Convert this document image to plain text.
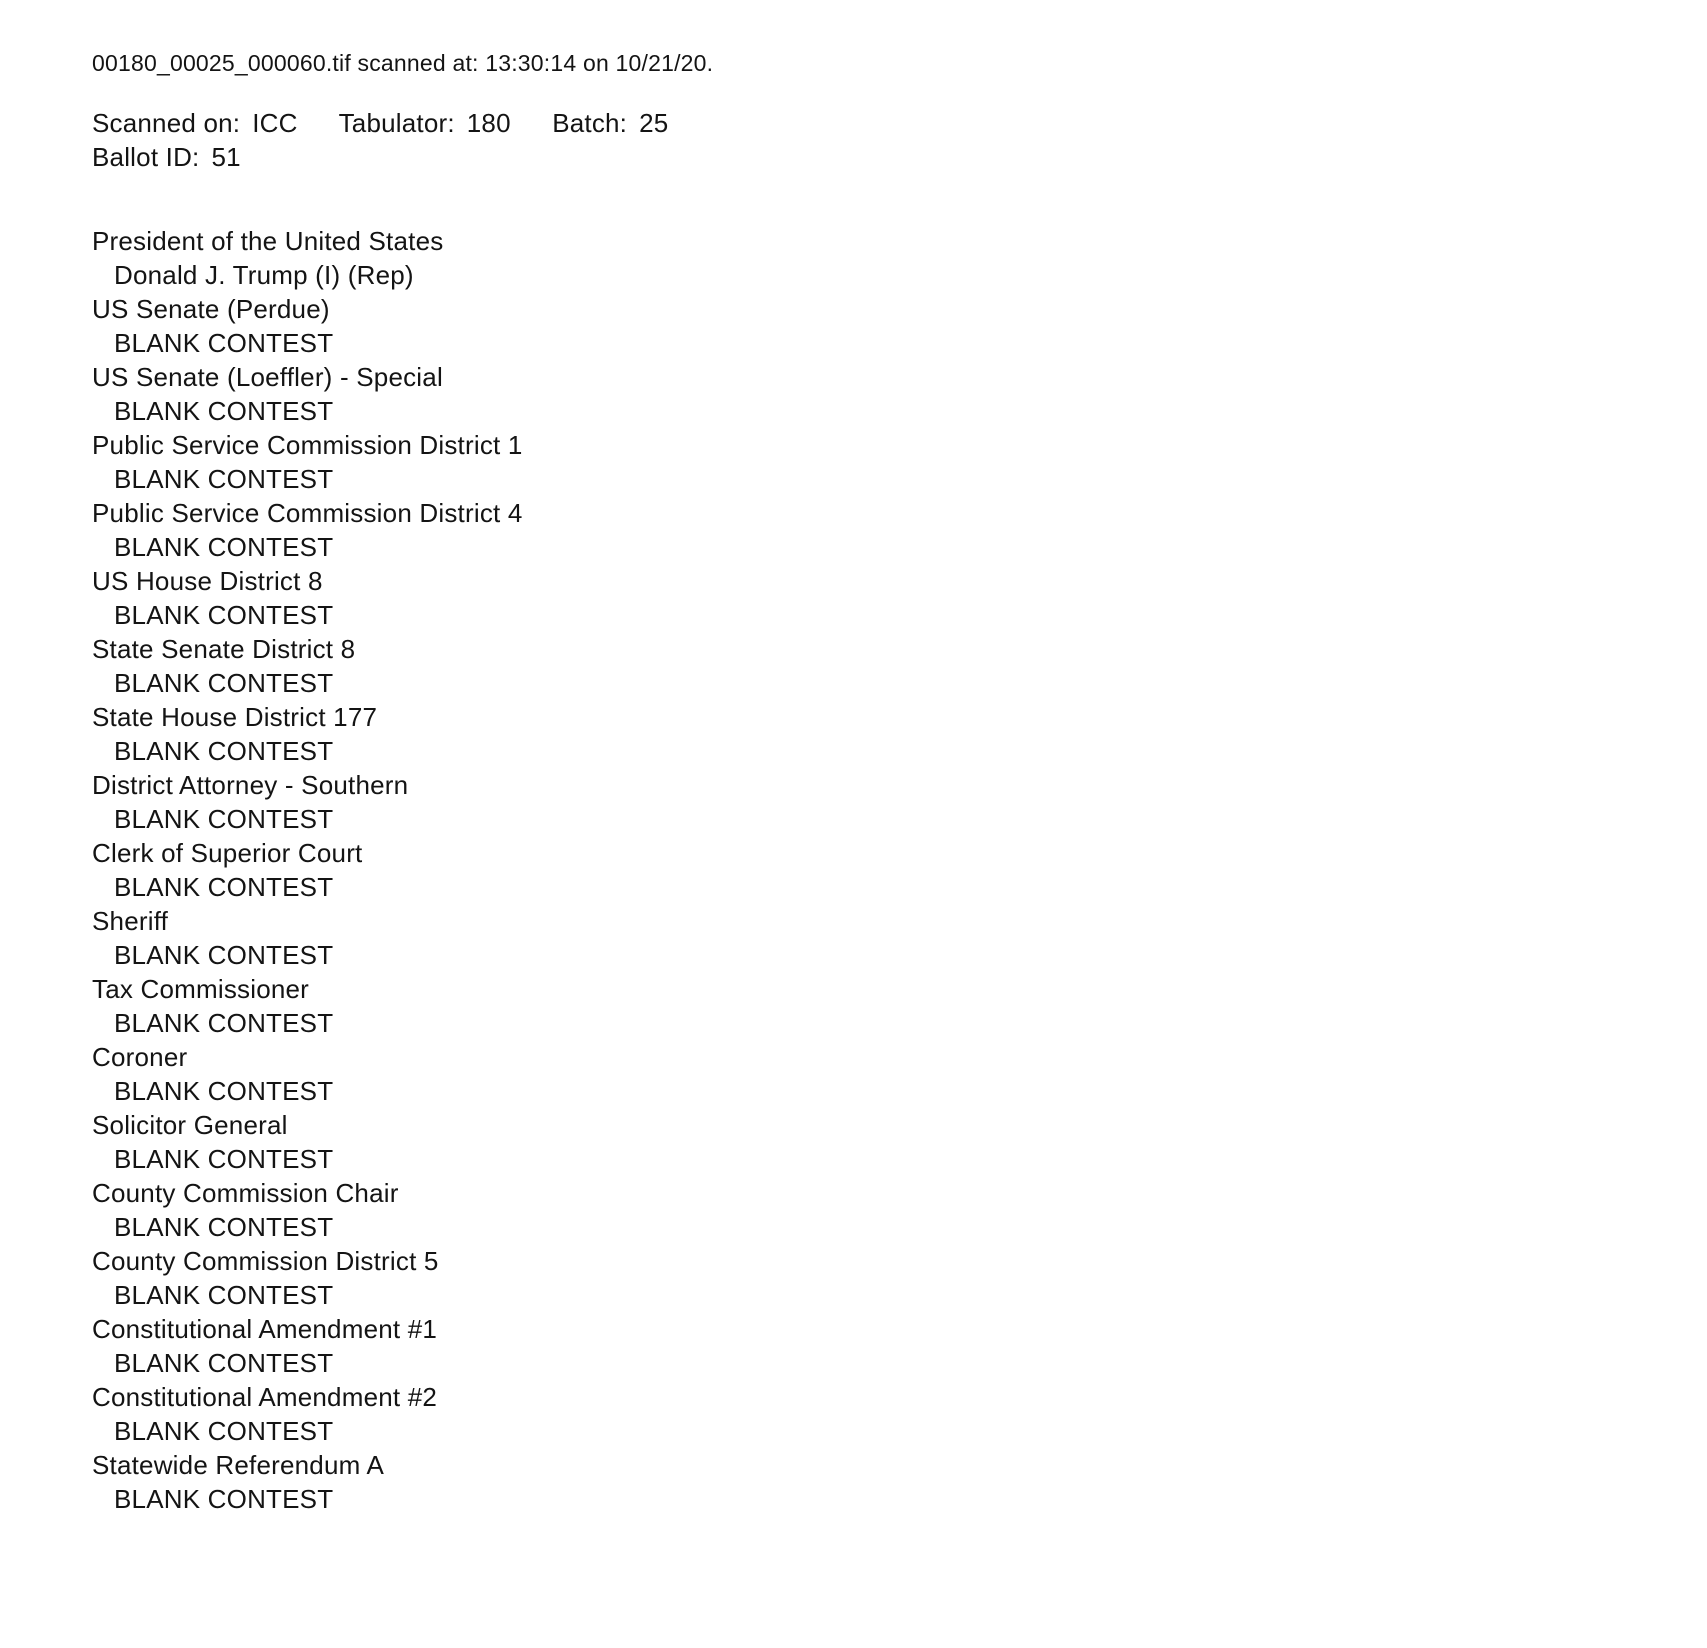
00180_00025_000060.tif scanned at: 13:30:14 on 10/21/20.
Scanned on: ICC Tabulator: 180 Batch: 25
Ballot ID: 51
President of the United States
Donald J. Trump (I) (Rep)
US Senate (Perdue)
BLANK CONTEST
US Senate (Loeffler) - Special
BLANK CONTEST
Public Service Commission District 1
BLANK CONTEST
Public Service Commission District 4
BLANK CONTEST
US House District 8
BLANK CONTEST
State Senate District 8
BLANK CONTEST
State House District 177
BLANK CONTEST
District Attorney - Southern
BLANK CONTEST
Clerk of Superior Court
BLANK CONTEST
Sheriff
BLANK CONTEST
Tax Commissioner
BLANK CONTEST
Coroner
BLANK CONTEST
Solicitor General
BLANK CONTEST
County Commission Chair
BLANK CONTEST
County Commission District 5
BLANK CONTEST
Constitutional Amendment #1
BLANK CONTEST
Constitutional Amendment #2
BLANK CONTEST
Statewide Referendum A
BLANK CONTEST
